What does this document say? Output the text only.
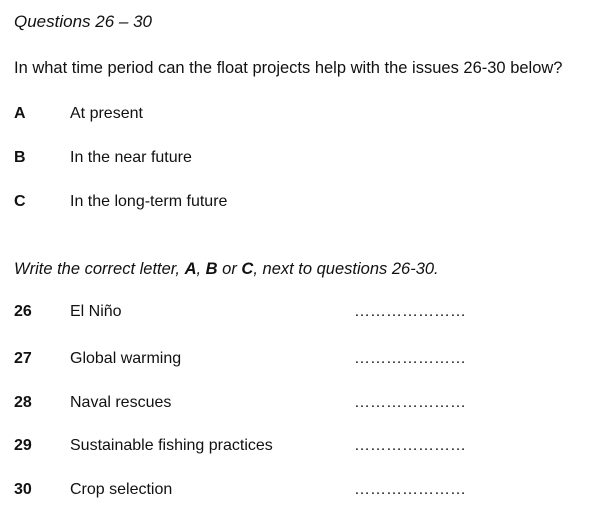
Questions 26 – 30
In what time period can the float projects help with the issues 26-30 below?
A	At present
B	In the near future
C	In the long-term future
Write the correct letter, A, B or C, next to questions 26-30.
26 El Niño	…………………
27 Global warming	…………………
28 Naval rescues	…………………
29 Sustainable fishing practices	…………………
30 Crop selection	…………………
